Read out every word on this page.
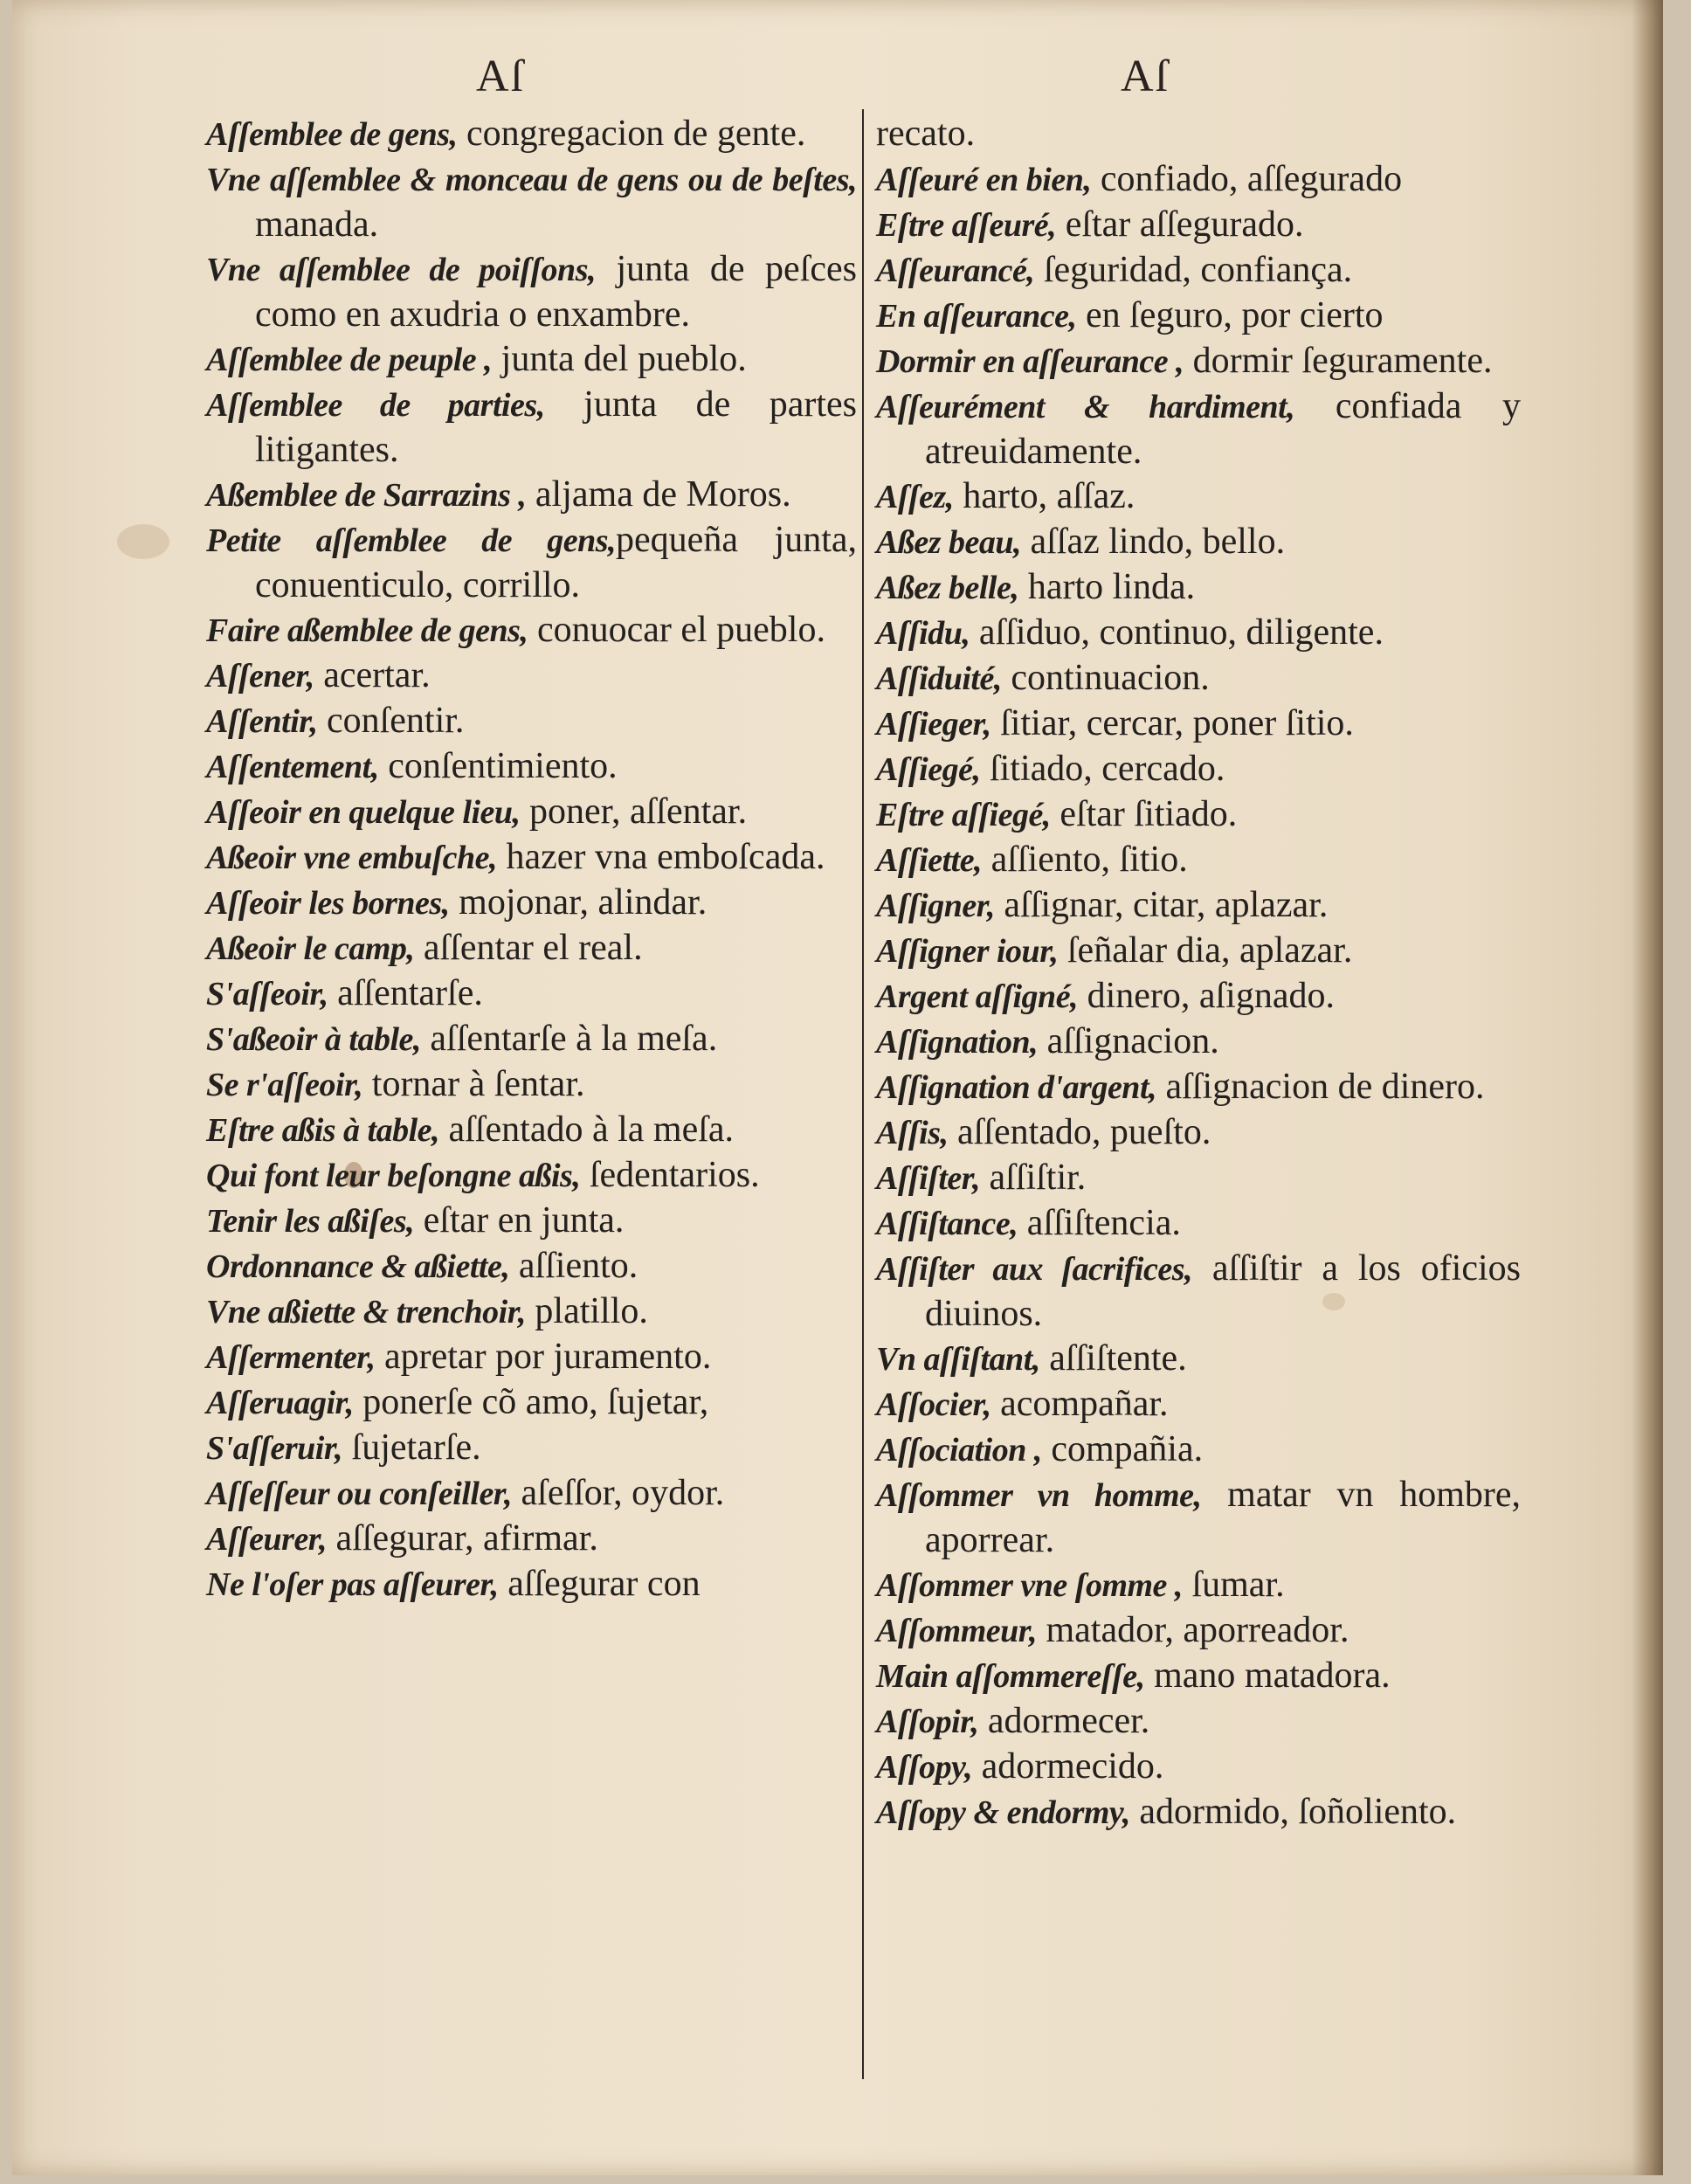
Aſ	Aſ
Aſſemblee de gens, congregacion de gente.
Vne aſſemblee & monceau de gens ou de beſtes, manada.
Vne aſſemblee de poiſſons, junta de peſces como en axudria o enxambre.
Aſſemblee de peuple , junta del pueblo.
Aſſemblee de parties, junta de partes litigantes.
Aßemblee de Sarrazins , aljama de Moros.
Petite aſſemblee de gens,pequeña junta, conuenticulo, corrillo.
Faire aßemblee de gens, conuocar el pueblo.
Aſſener, acertar.
Aſſentir, conſentir.
Aſſentement, conſentimiento.
Aſſeoir en quelque lieu, poner, aſſentar.
Aßeoir vne embuſche, hazer vna emboſcada.
Aſſeoir les bornes, mojonar, alindar.
Aßeoir le camp, aſſentar el real.
S'aſſeoir, aſſentarſe.
S'aßeoir à table, aſſentarſe à la meſa.
Se r'aſſeoir, tornar à ſentar.
Eſtre aßis à table, aſſentado à la meſa.
Qui font leur beſongne aßis, ſedentarios.
Tenir les aßiſes, eſtar en junta.
Ordonnance & aßiette, aſſiento.
Vne aßiette & trenchoir, platillo.
Aſſermenter, apretar por juramento.
Aſſeruagir, ponerſe cõ amo, ſujetar,
S'aſſeruir, ſujetarſe.
Aſſeſſeur ou conſeiller, aſeſſor, oydor.
Aſſeurer, aſſegurar, afirmar.
Ne l'oſer pas aſſeurer, aſſegurar con
recato.
Aſſeuré en bien, confiado, aſſegurado
Eſtre aſſeuré, eſtar aſſegurado.
Aſſeurancé, ſeguridad, confiança.
En aſſeurance, en ſeguro, por cierto
Dormir en aſſeurance , dormir ſeguramente.
Aſſeurément & hardiment, confiada y atreuidamente.
Aſſez, harto, aſſaz.
Aßez beau, aſſaz lindo, bello.
Aßez belle, harto linda.
Aſſidu, aſſiduo, continuo, diligente.
Aſſiduité, continuacion.
Aſſieger, ſitiar, cercar, poner ſitio.
Aſſiegé, ſitiado, cercado.
Eſtre aſſiegé, eſtar ſitiado.
Aſſiette, aſſiento, ſitio.
Aſſigner, aſſignar, citar, aplazar.
Aſſigner iour, ſeñalar dia, aplazar.
Argent aſſigné, dinero, aſignado.
Aſſignation, aſſignacion.
Aſſignation d'argent, aſſignacion de dinero.
Aſſis, aſſentado, pueſto.
Aſſiſter, aſſiſtir.
Aſſiſtance, aſſiſtencia.
Aſſiſter aux ſacrifices, aſſiſtir a los oficios diuinos.
Vn aſſiſtant, aſſiſtente.
Aſſocier, acompañar.
Aſſociation , compañia.
Aſſommer vn homme, matar vn hombre, aporrear.
Aſſommer vne ſomme , ſumar.
Aſſommeur, matador, aporreador.
Main aſſommereſſe, mano matadora.
Aſſopir, adormecer.
Aſſopy, adormecido.
Aſſopy & endormy, adormido, ſoñoliento.
